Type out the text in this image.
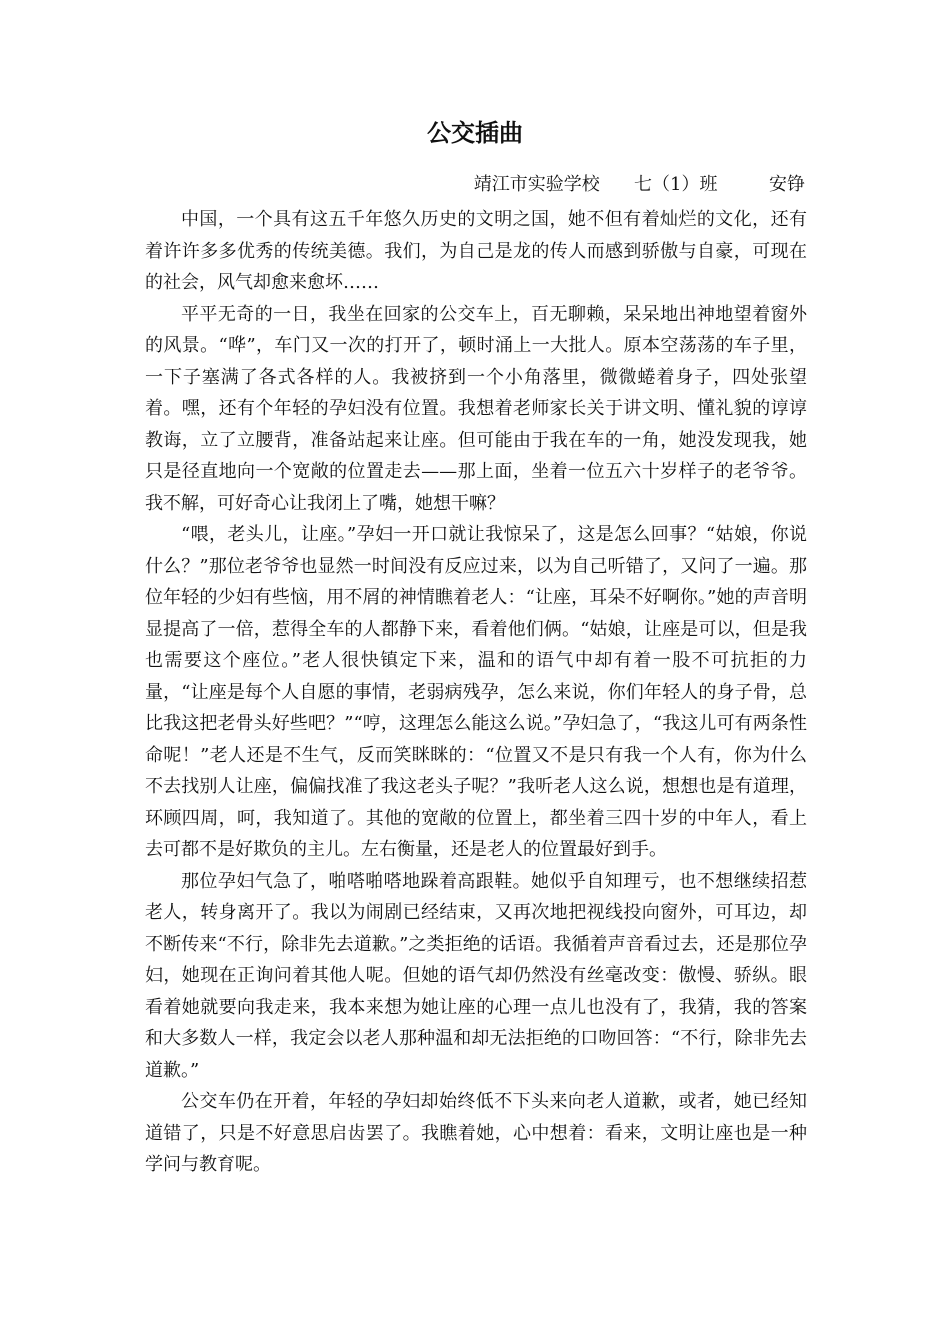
公交插曲
靖江市实验学校 七（1）班	安铮

中国，一个具有这五千年悠久历史的文明之国，她不但有着灿烂的文化，还有着许许多多优秀的传统美德。我们，为自己是龙的传人而感到骄傲与自豪，可现在的社会，风气却愈来愈坏……

平平无奇的一日，我坐在回家的公交车上，百无聊赖，呆呆地出神地望着窗外的风景。“哗”，车门又一次的打开了，顿时涌上一大批人。原本空荡荡的车子里，一下子塞满了各式各样的人。我被挤到一个小角落里，微微蜷着身子，四处张望着。嘿，还有个年轻的孕妇没有位置。我想着老师家长关于讲文明、懂礼貌的谆谆教诲，立了立腰背，准备站起来让座。但可能由于我在车的一角，她没发现我，她只是径直地向一个宽敞的位置走去——那上面，坐着一位五六十岁样子的老爷爷。我不解，可好奇心让我闭上了嘴，她想干嘛？

“喂，老头儿，让座。”孕妇一开口就让我惊呆了，这是怎么回事？“姑娘，你说什么？”那位老爷爷也显然一时间没有反应过来，以为自己听错了，又问了一遍。那位年轻的少妇有些恼，用不屑的神情瞧着老人：“让座，耳朵不好啊你。”她的声音明显提高了一倍，惹得全车的人都静下来，看着他们俩。“姑娘，让座是可以，但是我也需要这个座位。”老人很快镇定下来，温和的语气中却有着一股不可抗拒的力量，“让座是每个人自愿的事情，老弱病残孕，怎么来说，你们年轻人的身子骨，总比我这把老骨头好些吧？”“哼，这理怎么能这么说。”孕妇急了，“我这儿可有两条性命呢！”老人还是不生气，反而笑眯眯的：“位置又不是只有我一个人有，你为什么不去找别人让座，偏偏找准了我这老头子呢？”我听老人这么说，想想也是有道理，环顾四周，呵，我知道了。其他的宽敞的位置上，都坐着三四十岁的中年人，看上去可都不是好欺负的主儿。左右衡量，还是老人的位置最好到手。

那位孕妇气急了，啪嗒啪嗒地跺着高跟鞋。她似乎自知理亏，也不想继续招惹老人，转身离开了。我以为闹剧已经结束，又再次地把视线投向窗外，可耳边，却不断传来“不行，除非先去道歉。”之类拒绝的话语。我循着声音看过去，还是那位孕妇，她现在正询问着其他人呢。但她的语气却仍然没有丝毫改变：傲慢、骄纵。眼看着她就要向我走来，我本来想为她让座的心理一点儿也没有了，我猜，我的答案和大多数人一样，我定会以老人那种温和却无法拒绝的口吻回答：“不行，除非先去道歉。”

公交车仍在开着，年轻的孕妇却始终低不下头来向老人道歉，或者，她已经知道错了，只是不好意思启齿罢了。我瞧着她，心中想着：看来，文明让座也是一种学问与教育呢。
